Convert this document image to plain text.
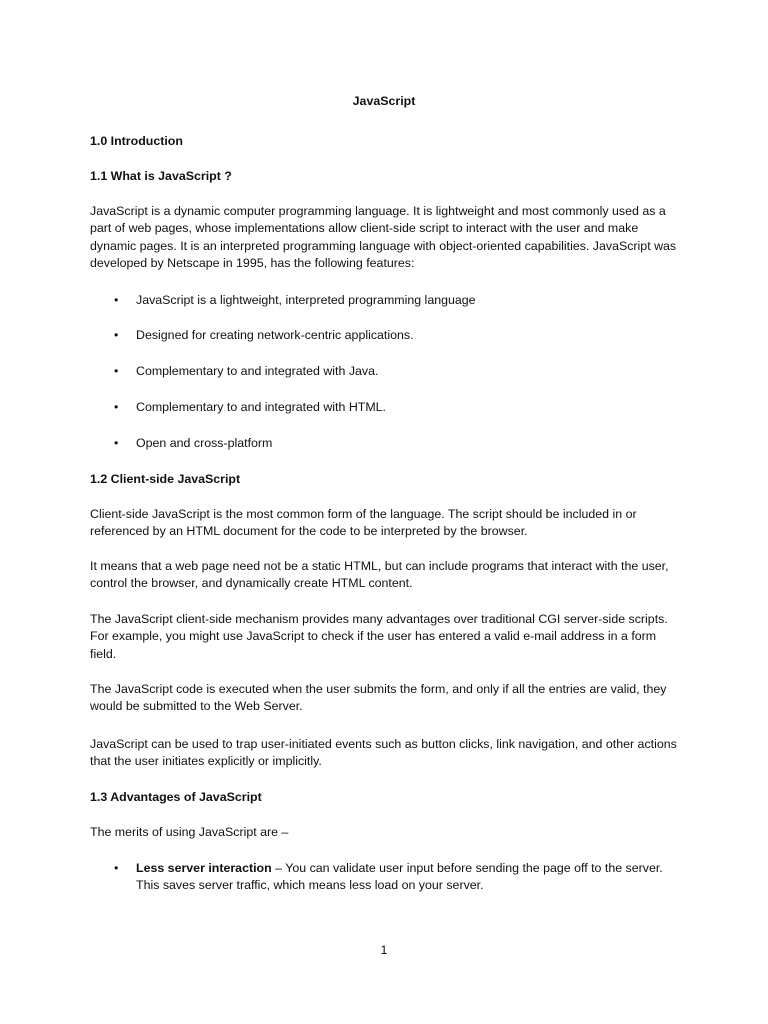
JavaScript
1.0 Introduction
1.1 What is JavaScript ?
JavaScript is a dynamic computer programming language. It is lightweight and most commonly used as a part of web pages, whose implementations allow client-side script to interact with the user and make dynamic pages. It is an interpreted programming language with object-oriented capabilities. JavaScript was developed by Netscape in 1995, has the following features:
• JavaScript is a lightweight, interpreted programming language
• Designed for creating network-centric applications.
• Complementary to and integrated with Java.
• Complementary to and integrated with HTML.
• Open and cross-platform
1.2 Client-side JavaScript
Client-side JavaScript is the most common form of the language. The script should be included in or referenced by an HTML document for the code to be interpreted by the browser.
It means that a web page need not be a static HTML, but can include programs that interact with the user, control the browser, and dynamically create HTML content.
The JavaScript client-side mechanism provides many advantages over traditional CGI server-side scripts. For example, you might use JavaScript to check if the user has entered a valid e-mail address in a form field.
The JavaScript code is executed when the user submits the form, and only if all the entries are valid, they would be submitted to the Web Server.
JavaScript can be used to trap user-initiated events such as button clicks, link navigation, and other actions that the user initiates explicitly or implicitly.
1.3 Advantages of JavaScript
The merits of using JavaScript are –
• Less server interaction – You can validate user input before sending the page off to the server. This saves server traffic, which means less load on your server.
1
